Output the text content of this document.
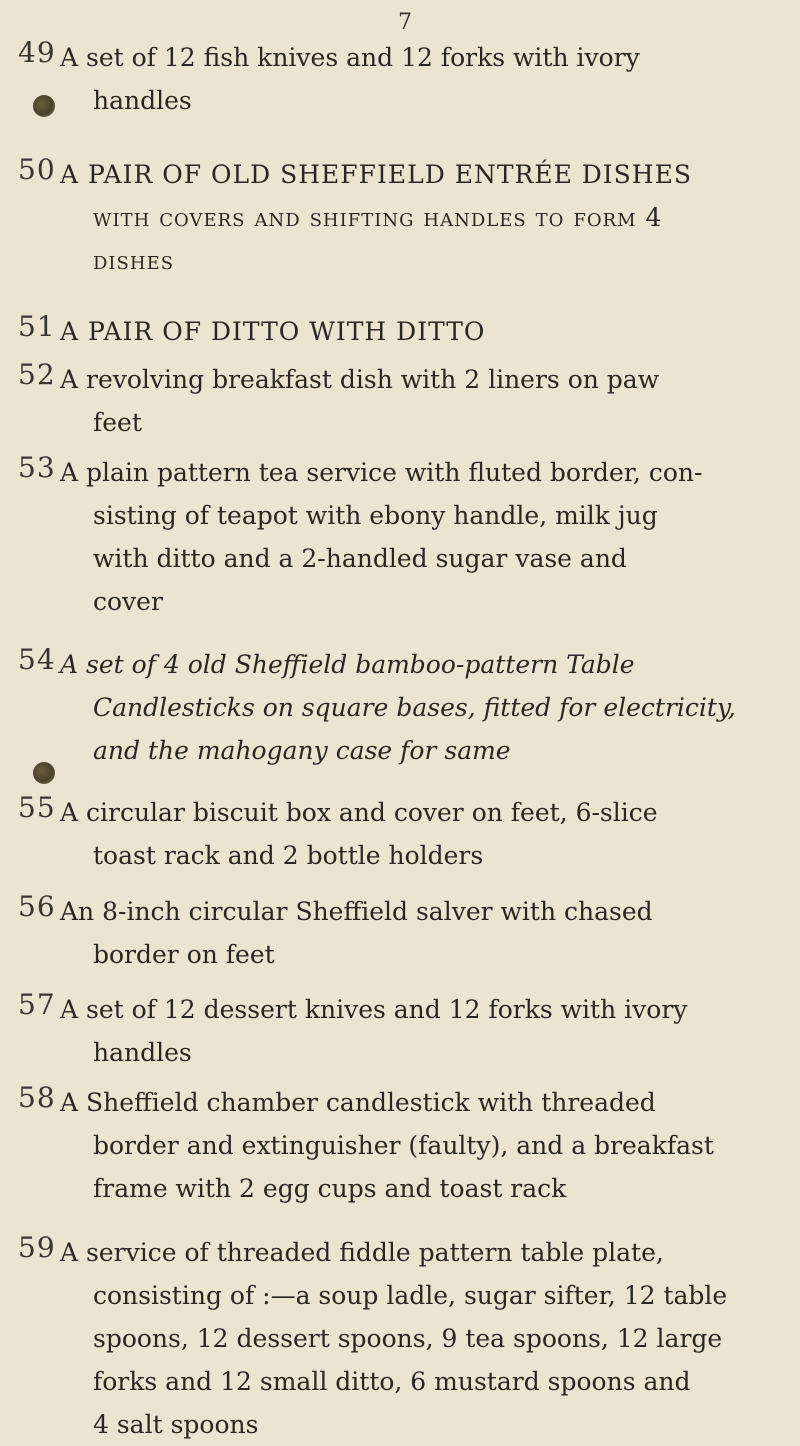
7
49 A set of 12 fish knives and 12 forks with ivory
handles
50 A PAIR OF OLD SHEFFIELD ENTRÉE DISHES
with covers and shifting handles to form 4
dishes
51 A PAIR OF DITTO WITH DITTO
52 A revolving breakfast dish with 2 liners on paw
feet
53 A plain pattern tea service with fluted border, con-
sisting of teapot with ebony handle, milk jug
with ditto and a 2-handled sugar vase and
cover
54 A set of 4 old Sheffield bamboo-pattern Table
Candlesticks on square bases, fitted for electricity,
and the mahogany case for same
55 A circular biscuit box and cover on feet, 6-slice
toast rack and 2 bottle holders
56 An 8-inch circular Sheffield salver with chased
border on feet
57 A set of 12 dessert knives and 12 forks with ivory
handles
58 A Sheffield chamber candlestick with threaded
border and extinguisher (faulty), and a breakfast
frame with 2 egg cups and toast rack
59 A service of threaded fiddle pattern table plate,
consisting of :—a soup ladle, sugar sifter, 12 table
spoons, 12 dessert spoons, 9 tea spoons, 12 large
forks and 12 small ditto, 6 mustard spoons and
4 salt spoons
